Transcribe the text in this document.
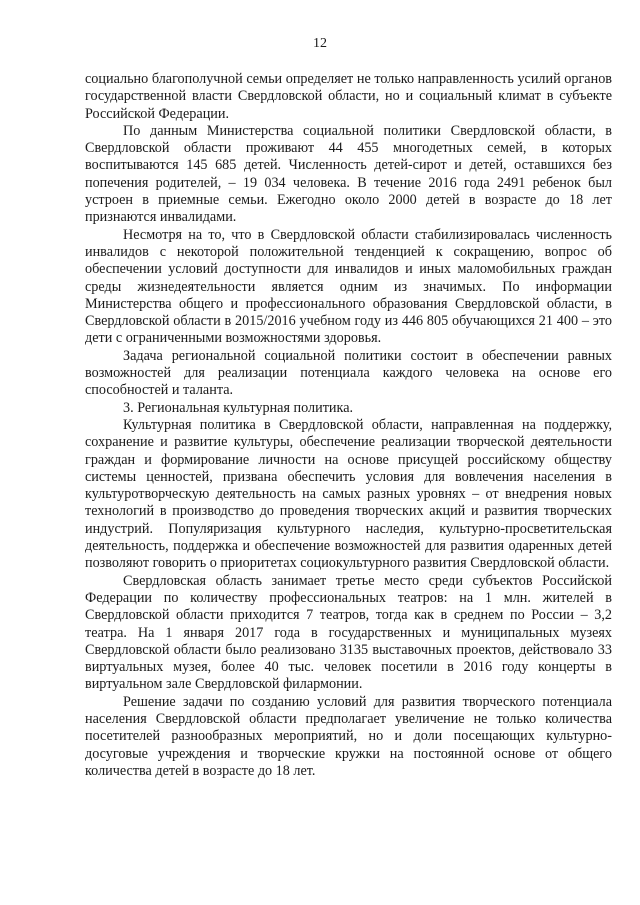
12

социально благополучной семьи определяет не только направленность усилий органов государственной власти Свердловской области, но и социальный климат в субъекте Российской Федерации.

По данным Министерства социальной политики Свердловской области, в Свердловской области проживают 44 455 многодетных семей, в которых воспитываются 145 685 детей. Численность детей-сирот и детей, оставшихся без попечения родителей, – 19 034 человека. В течение 2016 года 2491 ребенок был устроен в приемные семьи. Ежегодно около 2000 детей в возрасте до 18 лет признаются инвалидами.

Несмотря на то, что в Свердловской области стабилизировалась численность инвалидов с некоторой положительной тенденцией к сокращению, вопрос об обеспечении условий доступности для инвалидов и иных маломобильных граждан среды жизнедеятельности является одним из значимых. По информации Министерства общего и профессионального образования Свердловской области, в Свердловской области в 2015/2016 учебном году из 446 805 обучающихся 21 400 – это дети с ограниченными возможностями здоровья.

Задача региональной социальной политики состоит в обеспечении равных возможностей для реализации потенциала каждого человека на основе его способностей и таланта.

3. Региональная культурная политика.

Культурная политика в Свердловской области, направленная на поддержку, сохранение и развитие культуры, обеспечение реализации творческой деятельности граждан и формирование личности на основе присущей российскому обществу системы ценностей, призвана обеспечить условия для вовлечения населения в культуротворческую деятельность на самых разных уровнях – от внедрения новых технологий в производство до проведения творческих акций и развития творческих индустрий. Популяризация культурного наследия, культурно-просветительская деятельность, поддержка и обеспечение возможностей для развития одаренных детей позволяют говорить о приоритетах социокультурного развития Свердловской области.

Свердловская область занимает третье место среди субъектов Российской Федерации по количеству профессиональных театров: на 1 млн. жителей в Свердловской области приходится 7 театров, тогда как в среднем по России – 3,2 театра. На 1 января 2017 года в государственных и муниципальных музеях Свердловской области было реализовано 3135 выставочных проектов, действовало 33 виртуальных музея, более 40 тыс. человек посетили в 2016 году концерты в виртуальном зале Свердловской филармонии.

Решение задачи по созданию условий для развития творческого потенциала населения Свердловской области предполагает увеличение не только количества посетителей разнообразных мероприятий, но и доли посещающих культурно-досуговые учреждения и творческие кружки на постоянной основе от общего количества детей в возрасте до 18 лет.
